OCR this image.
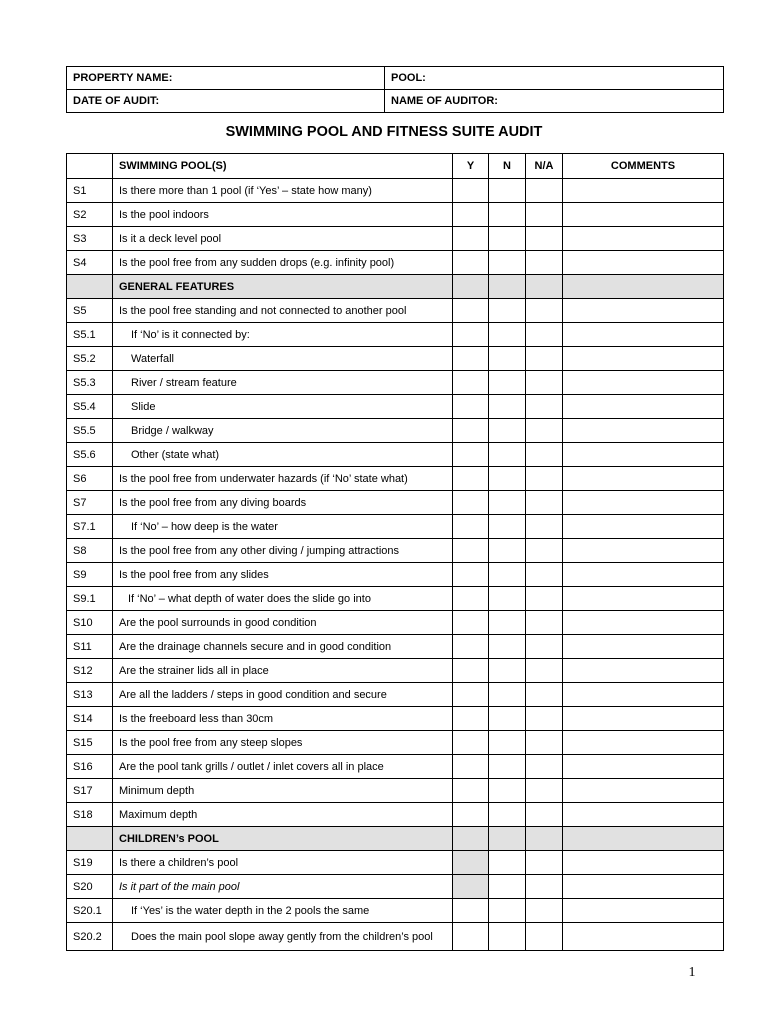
PROPERTY NAME:	POOL:
DATE OF AUDIT:	NAME OF AUDITOR:
SWIMMING POOL AND FITNESS SUITE AUDIT
	SWIMMING POOL(S)	Y	N	N/A	COMMENTS
S1	Is there more than 1 pool (if ‘Yes’ – state how many)				
S2	Is the pool indoors				
S3	Is it a deck level pool				
S4	Is the pool free from any sudden drops (e.g. infinity pool)				
	GENERAL FEATURES				
S5	Is the pool free standing and not connected to another pool				
S5.1	If ‘No’ is it connected by:				
S5.2	Waterfall				
S5.3	River / stream feature				
S5.4	Slide				
S5.5	Bridge / walkway				
S5.6	Other (state what)				
S6	Is the pool free from underwater hazards (if ‘No’ state what)				
S7	Is the pool free from any diving boards				
S7.1	If ‘No’ – how deep is the water				
S8	Is the pool free from any other diving / jumping attractions				
S9	Is the pool free from any slides				
S9.1	If ‘No’ – what depth of water does the slide go into				
S10	Are the pool surrounds in good condition				
S11	Are the drainage channels secure and in good condition				
S12	Are the strainer lids all in place				
S13	Are all the ladders / steps in good condition and secure				
S14	Is the freeboard less than 30cm				
S15	Is the pool free from any steep slopes				
S16	Are the pool tank grills / outlet / inlet covers all in place				
S17	Minimum depth				
S18	Maximum depth				
	CHILDREN’s POOL				
S19	Is there a children’s pool				
S20	Is it part of the main pool				
S20.1	If ‘Yes’ is the water depth in the 2 pools the same				
S20.2	Does the main pool slope away gently from the children’s pool				
1
